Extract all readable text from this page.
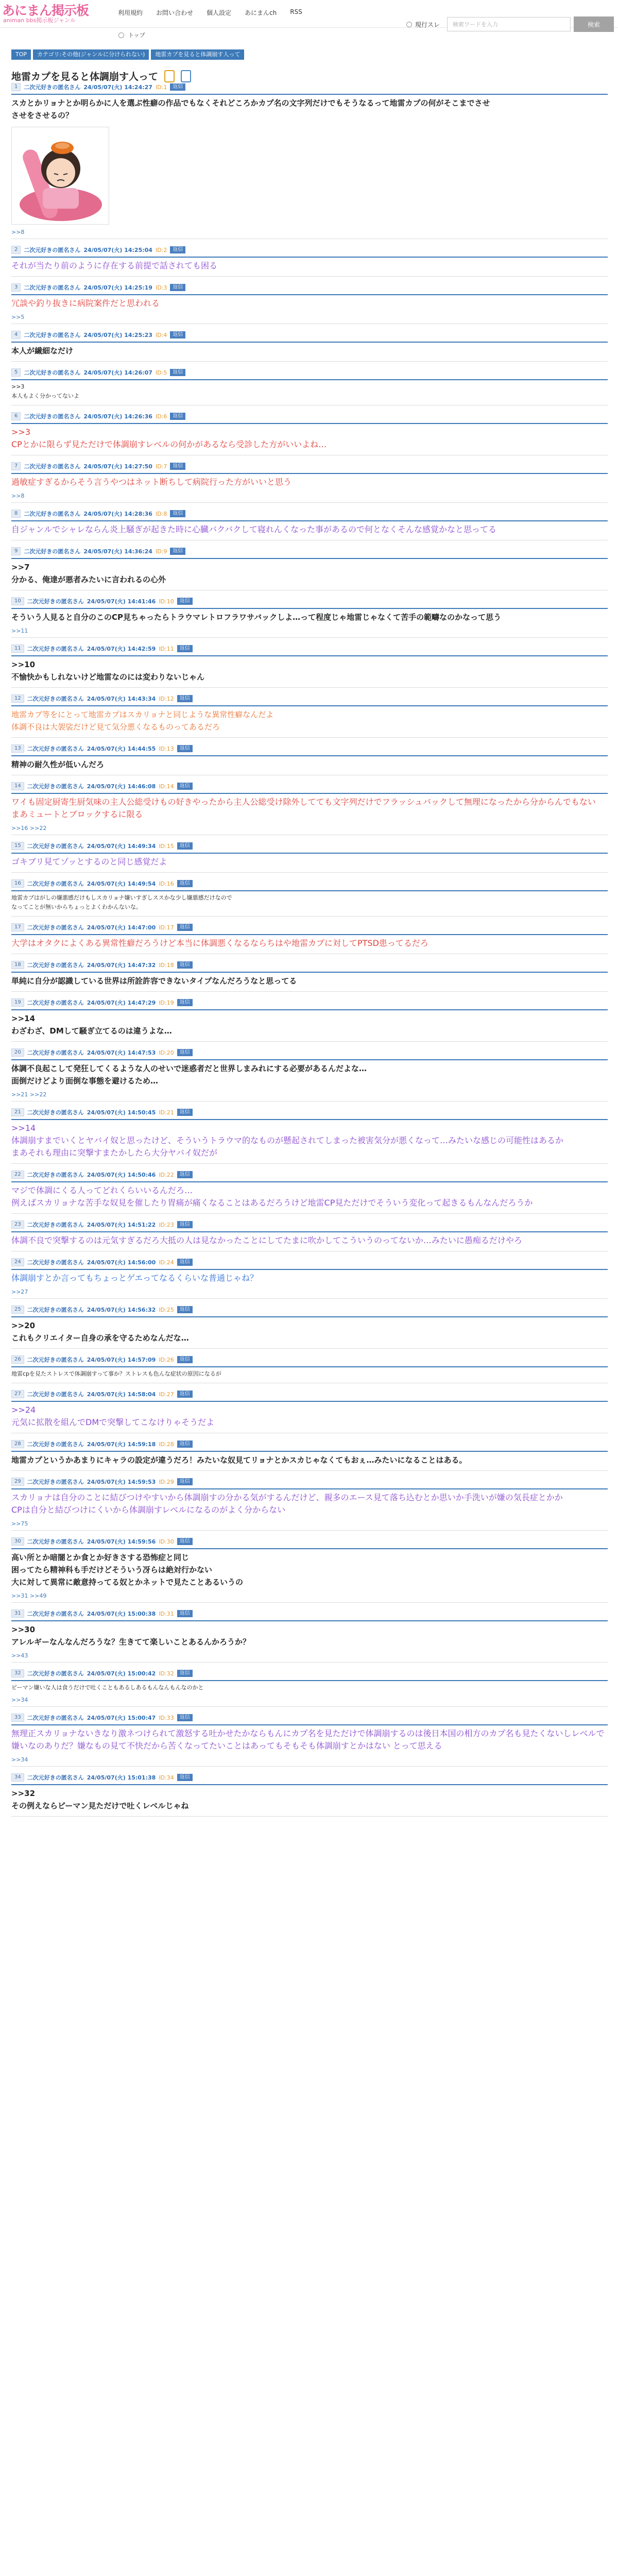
あにまん掲示板
animan bbs掲示板ジャンル
利用規約 お問い合わせ 個人設定 あにまんch RSS
現行スレ
検索ワードを入力	検索
トップ
TOP	カテゴリ:その他(ジャンルに分けられない)	地雷カプを見ると体調崩す人って
地雷カプを見ると体調崩す人って
1	二次元好きの匿名さん 24/05/07(火) 14:24:27 ID:1	返信
スカとかリョナとか明らかに人を選ぶ性癖の作品でもなくそれどころかカプ名の文字列だけでもそうなるって地雷カプの何がそこまでさせ
させをさせるの？
>>8
2	二次元好きの匿名さん 24/05/07(火) 14:25:04 ID:2	返信
それが当たり前のように存在する前提で話されても困る
3	二次元好きの匿名さん 24/05/07(火) 14:25:19 ID:3	返信
冗談や釣り抜きに病院案件だと思われる
>>5
4	二次元好きの匿名さん 24/05/07(火) 14:25:23 ID:4	返信
本人が繊細なだけ
5	二次元好きの匿名さん 24/05/07(火) 14:26:07 ID:5	返信
>>3
本人もよく分かってないよ
6	二次元好きの匿名さん 24/05/07(火) 14:26:36 ID:6	返信
>>3
CPとかに限らず見ただけで体調崩すレベルの何かがあるなら受診した方がいいよね…
7	二次元好きの匿名さん 24/05/07(火) 14:27:50 ID:7	返信
過敏症すぎるからそう言うやつはネット断ちして病院行った方がいいと思う
>>8
8	二次元好きの匿名さん 24/05/07(火) 14:28:36 ID:8	返信
自ジャンルでシャレならん炎上騒ぎが起きた時に心臓バクバクして寝れんくなった事があるので何となくそんな感覚かなと思ってる
9	二次元好きの匿名さん 24/05/07(火) 14:36:24 ID:9	返信
>>7
分かる、俺達が悪者みたいに言われるの心外
10	二次元好きの匿名さん 24/05/07(火) 14:41:46 ID:10	返信
そういう人見ると自分のこのCP見ちゃったらトラウマレトロフラワサバックしよ…って程度じゃ地雷じゃなくて苦手の範疇なのかなって思う
>>11
11	二次元好きの匿名さん 24/05/07(火) 14:42:59 ID:11	返信
>>10
不愉快かもしれないけど地雷なのには変わりないじゃん
12	二次元好きの匿名さん 24/05/07(火) 14:43:34 ID:12	返信
地雷カプ等をにとって地雷カプはスカリョナと同じような異常性癖なんだよ
体調不良は大袈裟だけど見て気分悪くなるものってあるだろ
13	二次元好きの匿名さん 24/05/07(火) 14:44:55 ID:13	返信
精神の耐久性が低いんだろ
14	二次元好きの匿名さん 24/05/07(火) 14:46:08 ID:14	返信
ワイも固定厨寄生厨気味の主人公総受けもの好きやったから主人公総受け除外してても文字列だけでフラッシュバックして無理になったから分からんでもない
まあミュートとブロックするに限る
>>16 >>22
15	二次元好きの匿名さん 24/05/07(火) 14:49:34 ID:15	返信
ゴキブリ見てゾッとするのと同じ感覚だよ
16	二次元好きの匿名さん 24/05/07(火) 14:49:54 ID:16	返信
地雷カプはがしの嫌悪感だけもしスカリョナ嫌いすぎしススかな少し嫌悪感だけなので
なってことが無いからちょっとよくわかんないな。
17	二次元好きの匿名さん 24/05/07(火) 14:47:00 ID:17	返信
大学はオタクによくある異常性癖だろうけど本当に体調悪くなるならちはや地雷カプに対してPTSD患ってるだろ
18	二次元好きの匿名さん 24/05/07(火) 14:47:32 ID:18	返信
単純に自分が認識している世界は所詮許容できないタイプなんだろうなと思ってる
19	二次元好きの匿名さん 24/05/07(火) 14:47:29 ID:19	返信
>>14
わざわざ、DMして騒ぎ立てるのは違うよな…
20	二次元好きの匿名さん 24/05/07(火) 14:47:53 ID:20	返信
体調不良起こして発狂してくるような人のせいで迷惑者だと世界しまみれにする必要があるんだよな…
面倒だけどより面倒な事態を避けるため…
>>21 >>22
21	二次元好きの匿名さん 24/05/07(火) 14:50:45 ID:21	返信
>>14
体調崩すまでいくとヤバイ奴と思ったけど、そういうトラウマ的なものが懸起されてしまった被害気分が悪くなって…みたいな感じの可能性はあるか
まあそれも理由に突撃すまたかしたら大分ヤバイ奴だが
22	二次元好きの匿名さん 24/05/07(火) 14:50:46 ID:22	返信
マジで体調にくる人ってどれくらいいるんだろ…
例えばスカリョナな苦手な奴見を催したり胃痛が痛くなることはあるだろうけど地雷CP見ただけでそういう変化って起きるもんなんだろうか
23	二次元好きの匿名さん 24/05/07(火) 14:51:22 ID:23	返信
体調不良で突撃するのは元気すぎるだろ大抵の人は見なかったことにしてたまに吹かしてこういうのってないか…みたいに愚痴るだけやろ
24	二次元好きの匿名さん 24/05/07(火) 14:56:00 ID:24	返信
体調崩すとか言ってもちょっとゲエってなるくらいな普通じゃね？
>>27
25	二次元好きの匿名さん 24/05/07(火) 14:56:32 ID:25	返信
>>20
これもクリエイター自身の承を守るためなんだな…
26	二次元好きの匿名さん 24/05/07(火) 14:57:09 ID:26	返信
地雷cpを見たストレスで体調崩すって事か？ストレスも色んな症状の原因になるが
27	二次元好きの匿名さん 24/05/07(火) 14:58:04 ID:27	返信
>>24
元気に拡散を組んでDMで突撃してこなけりゃそうだよ
28	二次元好きの匿名さん 24/05/07(火) 14:59:18 ID:28	返信
地雷カプというかあまりにキャラの設定が違うだろ！みたいな奴見てリョナとかスカじゃなくてもおぇ…みたいになることはある。
29	二次元好きの匿名さん 24/05/07(火) 14:59:53 ID:29	返信
スカリョナは自分のことに結びつけやすいから体調崩すの分かる気がするんだけど、親多のエース見て落ち込むとか思いか手洗いが嫌の気長症とかか
CPは自分と結びつけにくいから体調崩すレベルになるのがよく分からない
>>75
30	二次元好きの匿名さん 24/05/07(火) 14:59:56 ID:30	返信
高い所とか暗闇とか食とか好きさする恐怖症と同じ
困ってたら精神科も手だけどそういう冴らは絶対行かない
大に対して異常に敵意持ってる奴とかネットで見たことあるいうの
>>31 >>49
31	二次元好きの匿名さん 24/05/07(火) 15:00:38 ID:31	返信
>>30
アレルギーなんなんだろうな？生きてて楽しいことあるんかろうか？
>>43
32	二次元好きの匿名さん 24/05/07(火) 15:00:42 ID:32	返信
ピーマン嫌いな人は食うだけで吐くこともあるしあるもんなんもんなのかと
>>34
33	二次元好きの匿名さん 24/05/07(火) 15:00:47 ID:33	返信
無理正スカリョナないきなり激ネつけられて激怒する吐かせたかならもんにカプ名を見ただけで体調崩するのは後日本国の相方のカプ名も見たくないしレベルで嫌いなのありだ？嫌なもの見て不快だから苦くなってたいことはあってもそもそも体調崩すとかはない とって思える
>>34
34	二次元好きの匿名さん 24/05/07(火) 15:01:38 ID:34	返信
>>32
その例えならピーマン見ただけで吐くレベルじゃね
